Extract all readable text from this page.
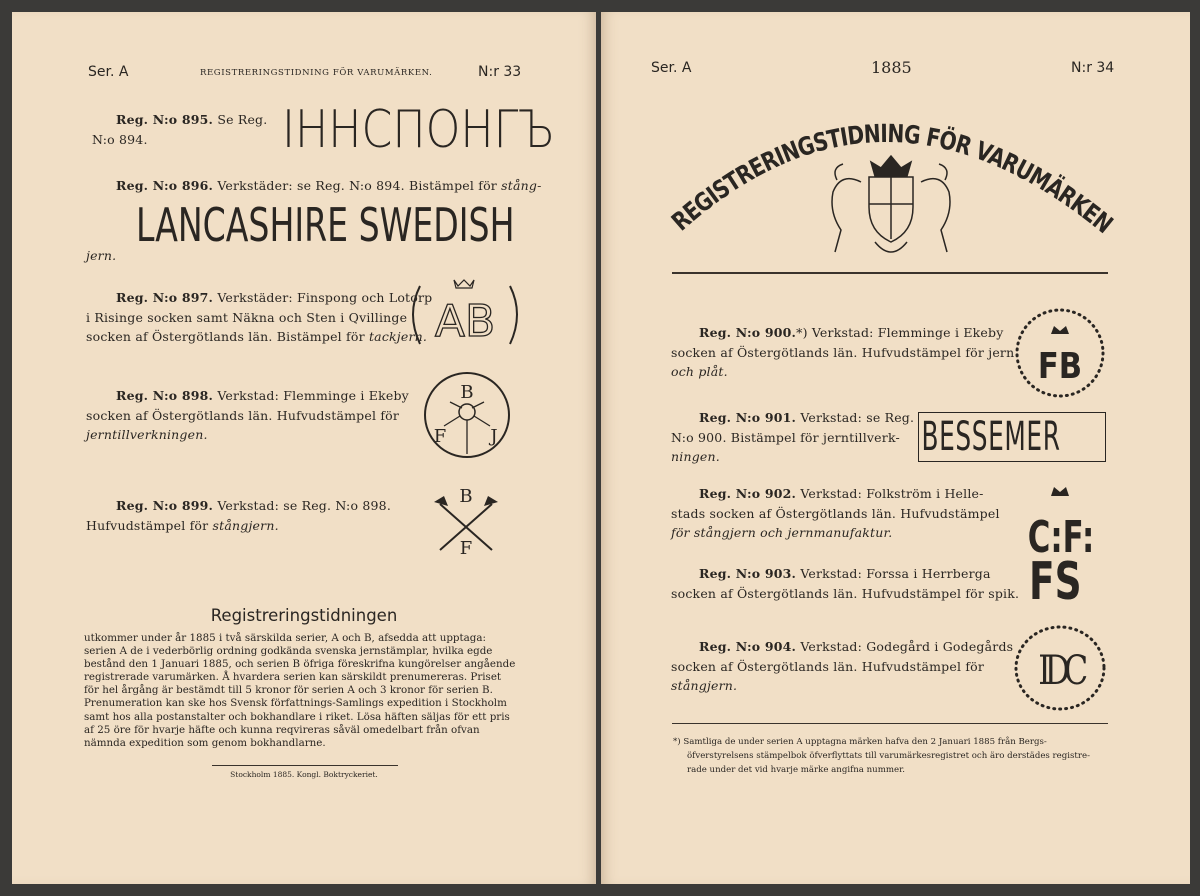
Ser. A	REGISTRERINGSTIDNING FÖR VARUMÄRKEN.	N:r 33
Reg. N:o 895. Se Reg.
N:o 894.	ІНHСПОНГЪ
Reg. N:o 896. Verkstäder: se Reg. N:o 894. Bistämpel för stång-
LANCASHIRE SWEDISH
jern.
Reg. N:o 897. Verkstäder: Finspong och Lotorp
i Risinge socken samt Näkna och Sten i Qvillinge
socken af Östergötlands län. Bistämpel för tackjern. AB
Reg. N:o 898. Verkstad: Flemminge i Ekeby
socken af Östergötlands län. Hufvudstämpel för
jerntillverkningen.
B
F J
Reg. N:o 899. Verkstad: se Reg. N:o 898.
Hufvudstämpel för stångjern.
B
F
Registreringstidningen
utkommer under år 1885 i två särskilda serier, A och B, afsedda att upptaga:
serien A de i vederbörlig ordning godkända svenska jernstämplar, hvilka egde
bestånd den 1 Januari 1885, och serien B öfriga föreskrifna kungörelser angående
registrerade varumärken. Å hvardera serien kan särskildt prenumereras. Priset
för hel årgång är bestämdt till 5 kronor för serien A och 3 kronor för serien B.
Prenumeration kan ske hos Svensk författnings-Samlings expedition i Stockholm
samt hos alla postanstalter och bokhandlare i riket. Lösa häften säljas för ett pris
af 25 öre för hvarje häfte och kunna reqvireras såväl omedelbart från ofvan
nämnda expedition som genom bokhandlarne.
Stockholm 1885. Kongl. Boktryckeriet.
Ser. A	1885	N:r 34
REGISTRERINGSTIDNING FÖR VARUMÄRKEN
Reg. N:o 900.*) Verkstad: Flemminge i Ekeby
socken af Östergötlands län. Hufvudstämpel för jern
och plåt.	FB
Reg. N:o 901. Verkstad: se Reg.
N:o 900. Bistämpel för jerntillverk-
ningen.	BESSEMER
Reg. N:o 902. Verkstad: Folkström i Helle-
stads socken af Östergötlands län. Hufvudstämpel
för stångjern och jernmanufaktur.	C:F:
Reg. N:o 903. Verkstad: Forssa i Herrberga
socken af Östergötlands län. Hufvudstämpel för spik. FS
Reg. N:o 904. Verkstad: Godegård i Godegårds
socken af Östergötlands län. Hufvudstämpel för
stångjern.	IDC
*) Samtliga de under serien A upptagna märken hafva den 2 Januari 1885 från Bergs-
öfverstyrelsens stämpelbok öfverflyttats till varumärkesregistret och äro derstädes registre-
rade under det vid hvarje märke angifna nummer.
